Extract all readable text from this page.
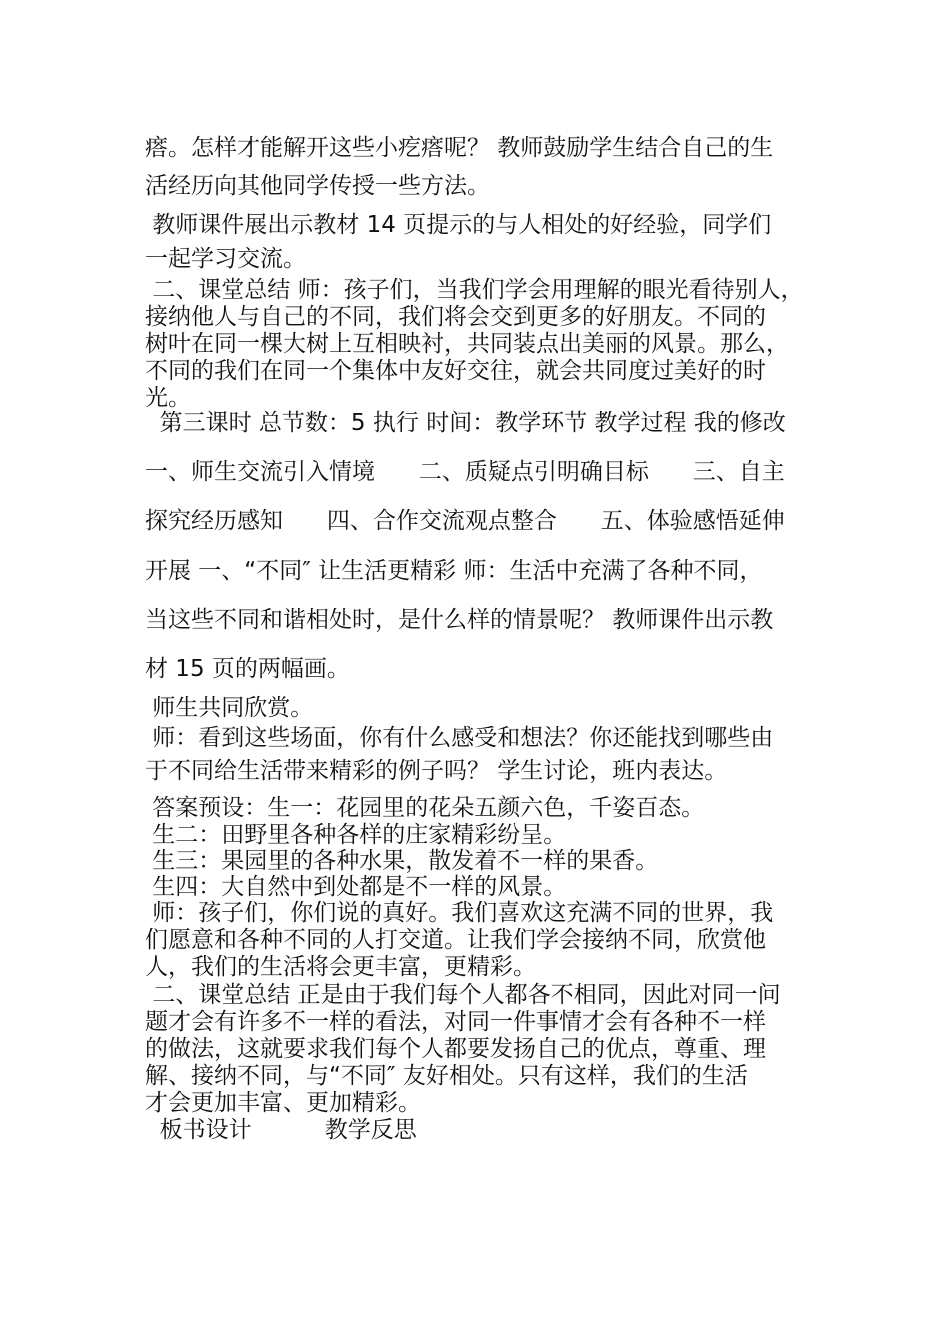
瘩。怎样才能解开这些小疙瘩呢？ 教师鼓励学生结合自己的生
活经历向其他同学传授一些方法。
教师课件展出示教材 14 页提示的与人相处的好经验，同学们
一起学习交流。
二、课堂总结 师：孩子们，当我们学会用理解的眼光看待别人，
接纳他人与自己的不同，我们将会交到更多的好朋友。不同的
树叶在同一棵大树上互相映衬，共同装点出美丽的风景。那么，
不同的我们在同一个集体中友好交往，就会共同度过美好的时
光。
第三课时 总节数：5 执行 时间：教学环节 教学过程 我的修改
一、师生交流引入情境      二、质疑点引明确目标      三、自主
探究经历感知      四、合作交流观点整合      五、体验感悟延伸
开展 一、“不同″ 让生活更精彩 师：生活中充满了各种不同，
当这些不同和谐相处时，是什么样的情景呢？ 教师课件出示教
材 15 页的两幅画。
师生共同欣赏。
师：看到这些场面，你有什么感受和想法？你还能找到哪些由
于不同给生活带来精彩的例子吗？ 学生讨论，班内表达。
答案预设：生一：花园里的花朵五颜六色，千姿百态。
生二：田野里各种各样的庄家精彩纷呈。
生三：果园里的各种水果，散发着不一样的果香。
生四：大自然中到处都是不一样的风景。
师：孩子们，你们说的真好。我们喜欢这充满不同的世界，我
们愿意和各种不同的人打交道。让我们学会接纳不同，欣赏他
人，我们的生活将会更丰富，更精彩。
二、课堂总结 正是由于我们每个人都各不相同，因此对同一问
题才会有许多不一样的看法，对同一件事情才会有各种不一样
的做法，这就要求我们每个人都要发扬自己的优点，尊重、理
解、接纳不同，与“不同″ 友好相处。只有这样，我们的生活
才会更加丰富、更加精彩。
板书设计          教学反思
